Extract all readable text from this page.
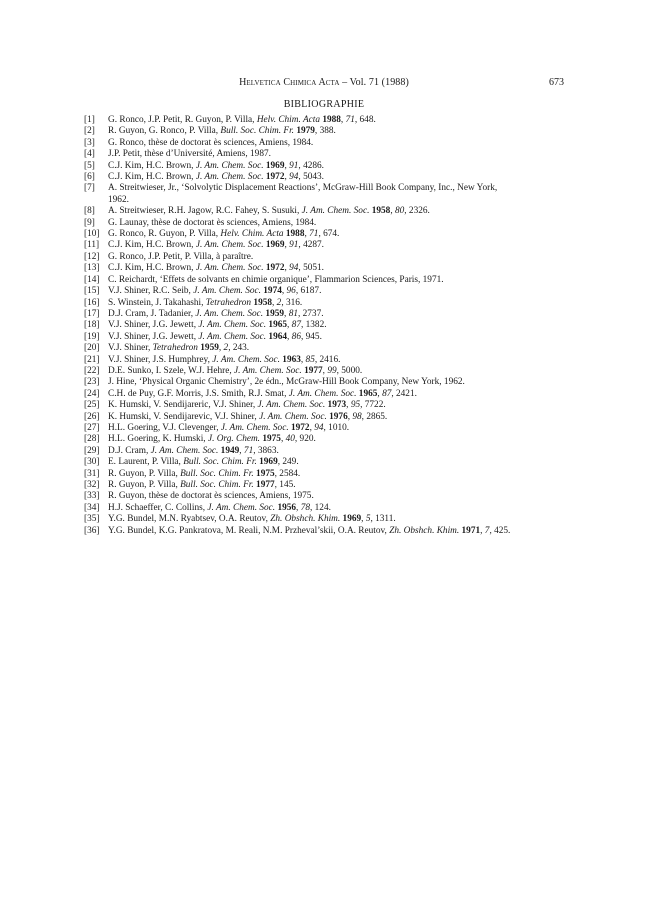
Helvetica Chimica Acta – Vol. 71 (1988)	673
BIBLIOGRAPHIE
[1]	G. Ronco, J.P. Petit, R. Guyon, P. Villa, Helv. Chim. Acta 1988, 71, 648.
[2]	R. Guyon, G. Ronco, P. Villa, Bull. Soc. Chim. Fr. 1979, 388.
[3]	G. Ronco, thèse de doctorat ès sciences, Amiens, 1984.
[4]	J.P. Petit, thèse d’Université, Amiens, 1987.
[5]	C.J. Kim, H.C. Brown, J. Am. Chem. Soc. 1969, 91, 4286.
[6]	C.J. Kim, H.C. Brown, J. Am. Chem. Soc. 1972, 94, 5043.
[7]	A. Streitwieser, Jr., ‘Solvolytic Displacement Reactions’, McGraw-Hill Book Company, Inc., New York,
1962.
[8]	A. Streitwieser, R.H. Jagow, R.C. Fahey, S. Susuki, J. Am. Chem. Soc. 1958, 80, 2326.
[9]	G. Launay, thèse de doctorat ès sciences, Amiens, 1984.
[10] G. Ronco, R. Guyon, P. Villa, Helv. Chim. Acta 1988, 71, 674.
[11] C.J. Kim, H.C. Brown, J. Am. Chem. Soc. 1969, 91, 4287.
[12] G. Ronco, J.P. Petit, P. Villa, à paraître.
[13] C.J. Kim, H.C. Brown, J. Am. Chem. Soc. 1972, 94, 5051.
[14] C. Reichardt, ‘Effets de solvants en chimie organique’, Flammarion Sciences, Paris, 1971.
[15] V.J. Shiner, R.C. Seib, J. Am. Chem. Soc. 1974, 96, 6187.
[16] S. Winstein, J. Takahashi, Tetrahedron 1958, 2, 316.
[17] D.J. Cram, J. Tadanier, J. Am. Chem. Soc. 1959, 81, 2737.
[18] V.J. Shiner, J.G. Jewett, J. Am. Chem. Soc. 1965, 87, 1382.
[19] V.J. Shiner, J.G. Jewett, J. Am. Chem. Soc. 1964, 86, 945.
[20] V.J. Shiner, Tetrahedron 1959, 2, 243.
[21] V.J. Shiner, J.S. Humphrey, J. Am. Chem. Soc. 1963, 85, 2416.
[22] D.E. Sunko, I. Szele, W.J. Hehre, J. Am. Chem. Soc. 1977, 99, 5000.
[23] J. Hine, ‘Physical Organic Chemistry’, 2e édn., McGraw-Hill Book Company, New York, 1962.
[24] C.H. de Puy, G.F. Morris, J.S. Smith, R.J. Smat, J. Am. Chem. Soc. 1965, 87, 2421.
[25] K. Humski, V. Sendijareric, V.J. Shiner, J. Am. Chem. Soc. 1973, 95, 7722.
[26] K. Humski, V. Sendijarevic, V.J. Shiner, J. Am. Chem. Soc. 1976, 98, 2865.
[27] H.L. Goering, V.J. Clevenger, J. Am. Chem. Soc. 1972, 94, 1010.
[28] H.L. Goering, K. Humski, J. Org. Chem. 1975, 40, 920.
[29] D.J. Cram, J. Am. Chem. Soc. 1949, 71, 3863.
[30] E. Laurent, P. Villa, Bull. Soc. Chim. Fr. 1969, 249.
[31] R. Guyon, P. Villa, Bull. Soc. Chim. Fr. 1975, 2584.
[32] R. Guyon, P. Villa, Bull. Soc. Chim. Fr. 1977, 145.
[33] R. Guyon, thèse de doctorat ès sciences, Amiens, 1975.
[34] H.J. Schaeffer, C. Collins, J. Am. Chem. Soc. 1956, 78, 124.
[35] Y.G. Bundel, M.N. Ryabtsev, O.A. Reutov, Zh. Obshch. Khim. 1969, 5, 1311.
[36] Y.G. Bundel, K.G. Pankratova, M. Reali, N.M. Przheval’skii, O.A. Reutov, Zh. Obshch. Khim. 1971, 7, 425.
